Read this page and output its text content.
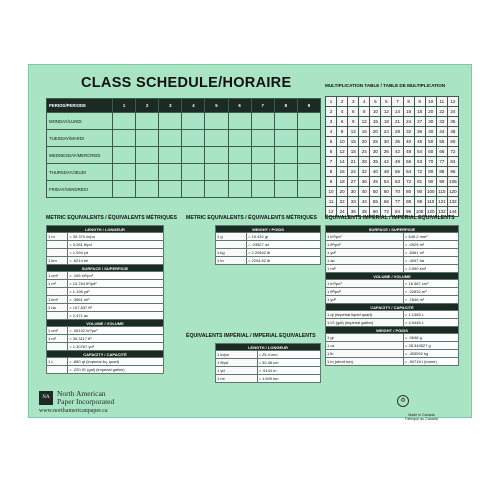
CLASS SCHEDULE/HORAIRE
PERIOD/PERIODE	1	2	3	4	5	6	7	8	9
MONDAY/LUNDI									
TUESDAY/MARDI									
WEDNESDAY/MERCREDI									
THURSDAY/JEUDI									
FRIDAY/VENDREDI									
MULTIPLICATION TABLE / TABLE DE MULTIPLICATION
1	2	3	4	5	6	7	8	9	10	11	12
2	4	6	8	10	12	14	16	18	20	22	24
3	6	9	12	15	18	21	24	27	30	33	36
4	8	12	16	20	24	28	32	36	40	44	48
5	10	15	20	25	30	35	40	45	50	55	60
6	12	18	24	30	36	42	48	54	60	66	72
7	14	21	28	35	42	49	56	63	70	77	84
8	16	24	32	40	48	56	64	72	80	88	96
9	18	27	36	45	54	63	72	81	90	99	108
10	20	30	40	50	60	70	80	90	100	110	120
11	22	33	44	55	66	77	88	99	110	121	132
12	24	36	48	60	72	84	96	108	120	132	144
METRIC EQUIVALENTS / ÉQUIVALENTS MÉTRIQUES
LENGTH / LONGEUR	
1 m	= 39.370 in/po
	= 3.281 ft/pd
	= 1.094 yd
1 km	= .6214 mi
SURFACE / SUPERFICIE	
1 cm²	= .155 in²/po²
1 m²	= 10.764 ft²/pd²
	= 1.196 yd²
1 km²	= .3861 mi²
1 ha	= 107,637 ft²
	= 2.471 ac
VOLUME / VOLUME	
1 cm³	= .06102 in³/po³
1 m³	= 35.3117 ft³
	= 1.30767 yd³
CAPACITY / CAPACITÉ	
1 L	= .880 qt (imperial liq. quart)
	= .220 IG (gal) (imperial gallon)
METRIC EQUIVALENTS / ÉQUIVALENTS MÉTRIQUES
WEIGHT / POIDS	
1 g	= 15.432 gr
	= .03527 oz
1 kg	= 2.20462 lb
1 tn	= 2204.62 lb
ÉQUIVALENTS IMPÉRIAL / IMPERIAL EQUIVALENTS
LENGTH / LONGEUR	
1 in/po	= 25.4 mm
1 ft/pd	= 30.48 cm
1 yd	= .9144 m
1 mi	= 1.609 km
ÉQUIVALENTS IMPÉRIAL / IMPERIAL EQUIVALENTS
SURFACE / SUPERFICIE	
1 in²/po²	= 645.2 mm²
1 ft²/pd²	= .0929 m²
1 yd²	= .8361 m²
1 ac	= .4047 ha
1 mi²	= 2.590 km²
VOLUME / VOLUME	
1 in³/po³	= 16.387 cm³
1 ft³/pd³	= .02832 m³
1 yd³	= .7646 m³
CAPACITY / CAPACITÉ	
1 qt (imperial liquid quart)	= 1.1365 L
1 IG (gal) (imperial gallon)	= 4.5446 L
WEIGHT / POIDS	
1 gr	= .0648 g
1 oz	= 28.349527 g
1 lb	= .453592 kg
1 tn (short ton)	= .90718 t (tonne)
NA North American
Paper Incorporated
www.northamericanpaper.ca
♻
Made in Canada
Fabriqué au Canada
